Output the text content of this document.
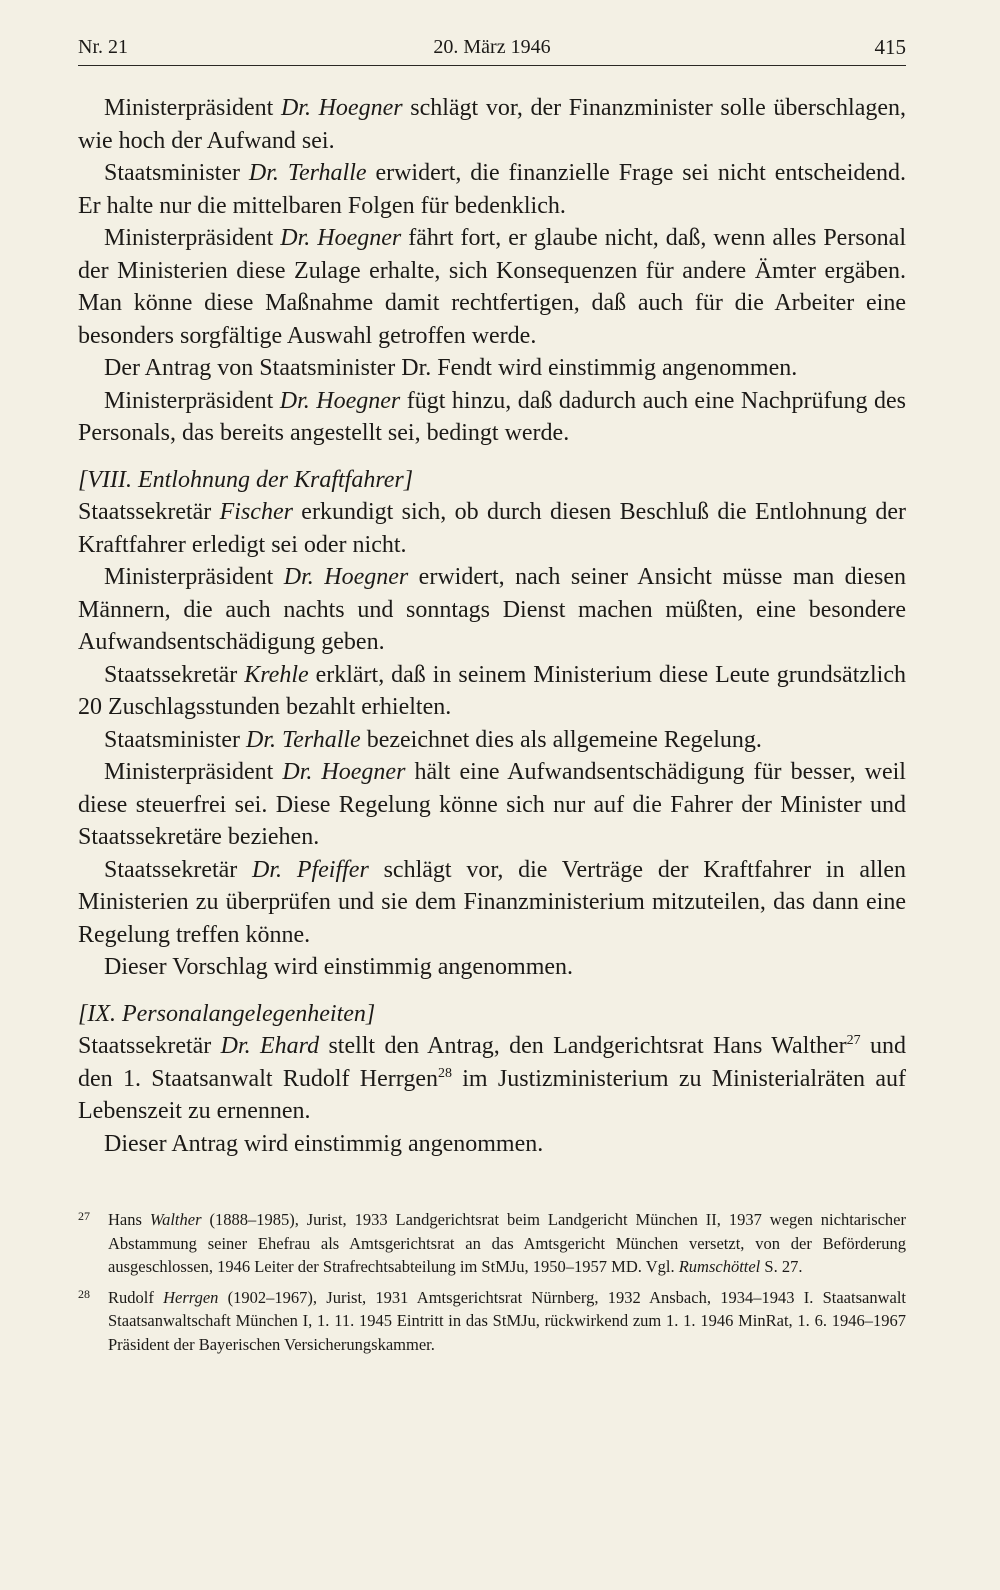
Nr. 21	20. März 1946	415

Ministerpräsident Dr. Hoegner schlägt vor, der Finanzminister solle überschlagen, wie hoch der Aufwand sei.

Staatsminister Dr. Terhalle erwidert, die finanzielle Frage sei nicht entscheidend. Er halte nur die mittelbaren Folgen für bedenklich.

Ministerpräsident Dr. Hoegner fährt fort, er glaube nicht, daß, wenn alles Personal der Ministerien diese Zulage erhalte, sich Konsequenzen für andere Ämter ergäben. Man könne diese Maßnahme damit rechtfertigen, daß auch für die Arbeiter eine besonders sorgfältige Auswahl getroffen werde.

Der Antrag von Staatsminister Dr. Fendt wird einstimmig angenommen.

Ministerpräsident Dr. Hoegner fügt hinzu, daß dadurch auch eine Nachprüfung des Personals, das bereits angestellt sei, bedingt werde.

[VIII. Entlohnung der Kraftfahrer]

Staatssekretär Fischer erkundigt sich, ob durch diesen Beschluß die Entlohnung der Kraftfahrer erledigt sei oder nicht.

Ministerpräsident Dr. Hoegner erwidert, nach seiner Ansicht müsse man diesen Männern, die auch nachts und sonntags Dienst machen müßten, eine besondere Aufwandsentschädigung geben.

Staatssekretär Krehle erklärt, daß in seinem Ministerium diese Leute grundsätzlich 20 Zuschlagsstunden bezahlt erhielten.

Staatsminister Dr. Terhalle bezeichnet dies als allgemeine Regelung.

Ministerpräsident Dr. Hoegner hält eine Aufwandsentschädigung für besser, weil diese steuerfrei sei. Diese Regelung könne sich nur auf die Fahrer der Minister und Staatssekretäre beziehen.

Staatssekretär Dr. Pfeiffer schlägt vor, die Verträge der Kraftfahrer in allen Ministerien zu überprüfen und sie dem Finanzministerium mitzuteilen, das dann eine Regelung treffen könne.

Dieser Vorschlag wird einstimmig angenommen.

[IX. Personalangelegenheiten]

Staatssekretär Dr. Ehard stellt den Antrag, den Landgerichtsrat Hans Walther$^{27}$ und den 1. Staatsanwalt Rudolf Herrgen$^{28}$ im Justizministerium zu Ministerialräten auf Lebenszeit zu ernennen.

Dieser Antrag wird einstimmig angenommen.

27 Hans Walther (1888–1985), Jurist, 1933 Landgerichtsrat beim Landgericht München II, 1937 wegen nichtarischer Abstammung seiner Ehefrau als Amtsgerichtsrat an das Amtsgericht München versetzt, von der Beförderung ausgeschlossen, 1946 Leiter der Strafrechtsabteilung im StMJu, 1950–1957 MD. Vgl. Rumschöttel S. 27.
28 Rudolf Herrgen (1902–1967), Jurist, 1931 Amtsgerichtsrat Nürnberg, 1932 Ansbach, 1934–1943 I. Staatsanwalt Staatsanwaltschaft München I, 1. 11. 1945 Eintritt in das StMJu, rückwirkend zum 1. 1. 1946 MinRat, 1. 6. 1946–1967 Präsident der Bayerischen Versicherungskammer.
